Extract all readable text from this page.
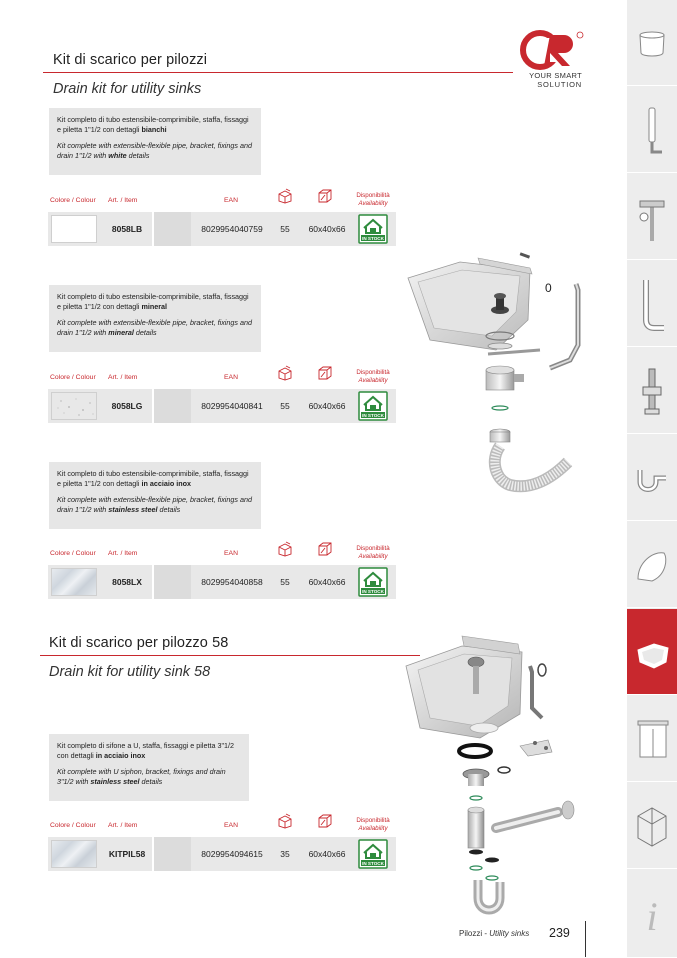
YOUR SMART
SOLUTION
Kit di scarico per pilozzi
Drain kit for utility sinks

Kit completo di tubo estensibile-comprimibile, staffa, fissaggi e piletta 1"1/2 con dettagli bianchi

Kit complete with extensible-flexible pipe, bracket, fixings and drain 1"1/2 with white details

Colore / Colour Art. / Item	EAN
Disponibilità
Availability
8058LB	8029954040759	55	60x40x66
IN STOCK

Kit completo di tubo estensibile-comprimibile, staffa, fissaggi e piletta 1"1/2 con dettagli mineral

Kit complete with extensible-flexible pipe, bracket, fixings and drain 1"1/2 with mineral details

Colore / Colour Art. / Item	EAN
Disponibilità
Availability
8058LG	8029954040841	55	60x40x66
IN STOCK

Kit completo di tubo estensibile-comprimibile, staffa, fissaggi e piletta 1"1/2 con dettagli in acciaio inox

Kit complete with extensible-flexible pipe, bracket, fixings and drain 1"1/2 with stainless steel details

Colore / Colour Art. / Item	EAN
Disponibilità
Availability
8058LX	8029954040858	55	60x40x66
IN STOCK
0
Kit di scarico per pilozzo 58
Drain kit for utility sink 58

Kit completo di sifone a U, staffa, fissaggi e piletta 3"1/2 con dettagli in acciaio inox

Kit complete with U siphon, bracket, fixings and drain 3"1/2 with stainless steel details

Colore / Colour Art. / Item	EAN
Disponibilità
Availability
KITPIL58	8029954094615	35	60x40x66
IN STOCK
i
Pilozzi - Utility sinks 239
